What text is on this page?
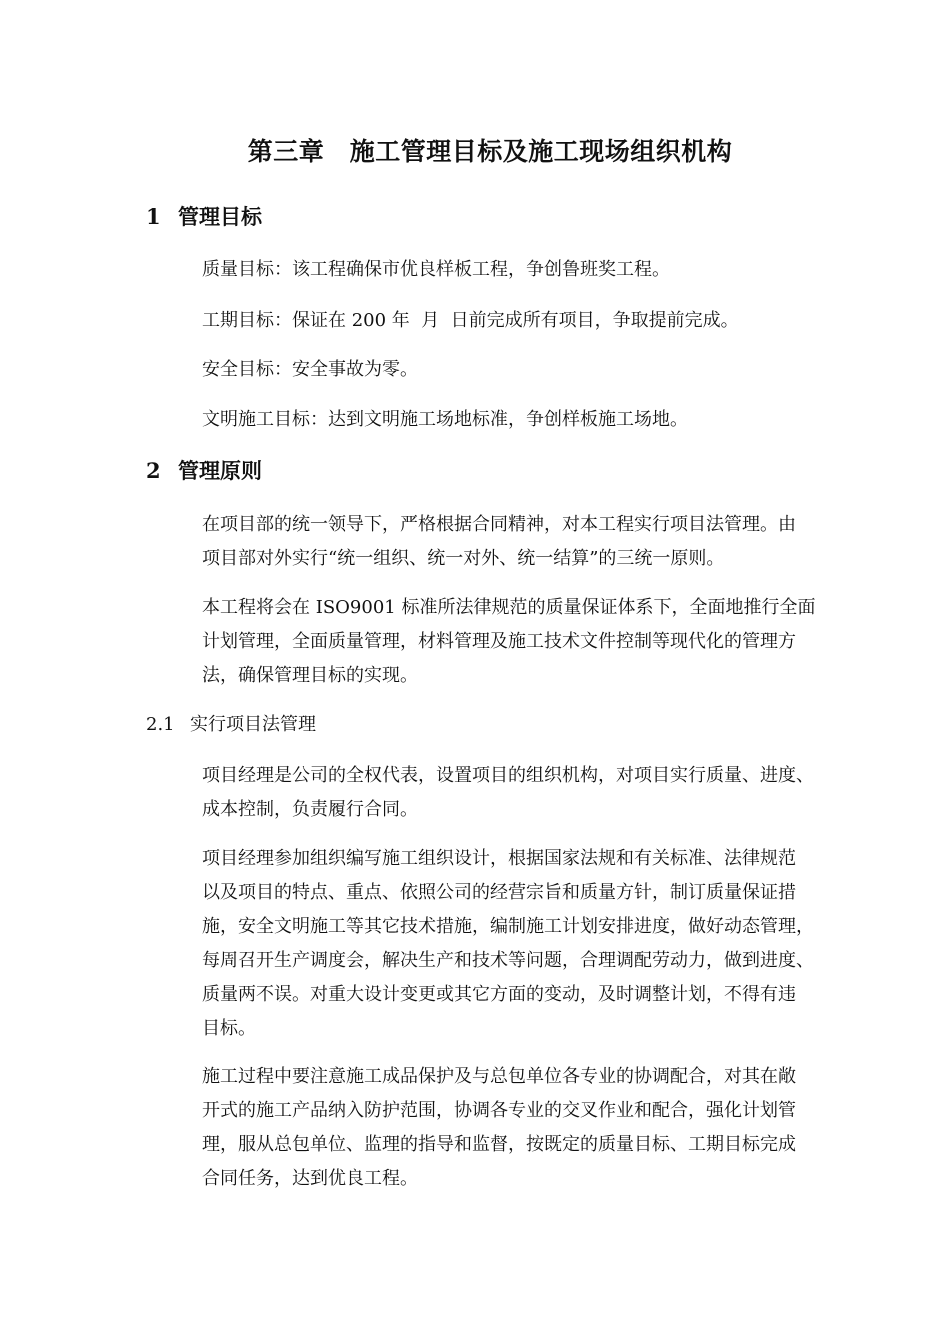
第三章　施工管理目标及施工现场组织机构
1 管理目标
质量目标：该工程确保市优良样板工程，争创鲁班奖工程。
工期目标：保证在 200 年  月  日前完成所有项目，争取提前完成。
安全目标：安全事故为零。
文明施工目标：达到文明施工场地标准，争创样板施工场地。
2 管理原则
在项目部的统一领导下，严格根据合同精神，对本工程实行项目法管理。由
项目部对外实行“统一组织、统一对外、统一结算”的三统一原则。
本工程将会在 ISO9001 标准所法律规范的质量保证体系下，全面地推行全面
计划管理，全面质量管理，材料管理及施工技术文件控制等现代化的管理方
法，确保管理目标的实现。
2.1 实行项目法管理
项目经理是公司的全权代表，设置项目的组织机构，对项目实行质量、进度、
成本控制，负责履行合同。
项目经理参加组织编写施工组织设计，根据国家法规和有关标准、法律规范
以及项目的特点、重点、依照公司的经营宗旨和质量方针，制订质量保证措
施，安全文明施工等其它技术措施，编制施工计划安排进度，做好动态管理，
每周召开生产调度会，解决生产和技术等问题，合理调配劳动力，做到进度、
质量两不误。对重大设计变更或其它方面的变动，及时调整计划，不得有违
目标。
施工过程中要注意施工成品保护及与总包单位各专业的协调配合，对其在敞
开式的施工产品纳入防护范围，协调各专业的交叉作业和配合，强化计划管
理，服从总包单位、监理的指导和监督，按既定的质量目标、工期目标完成
合同任务，达到优良工程。
